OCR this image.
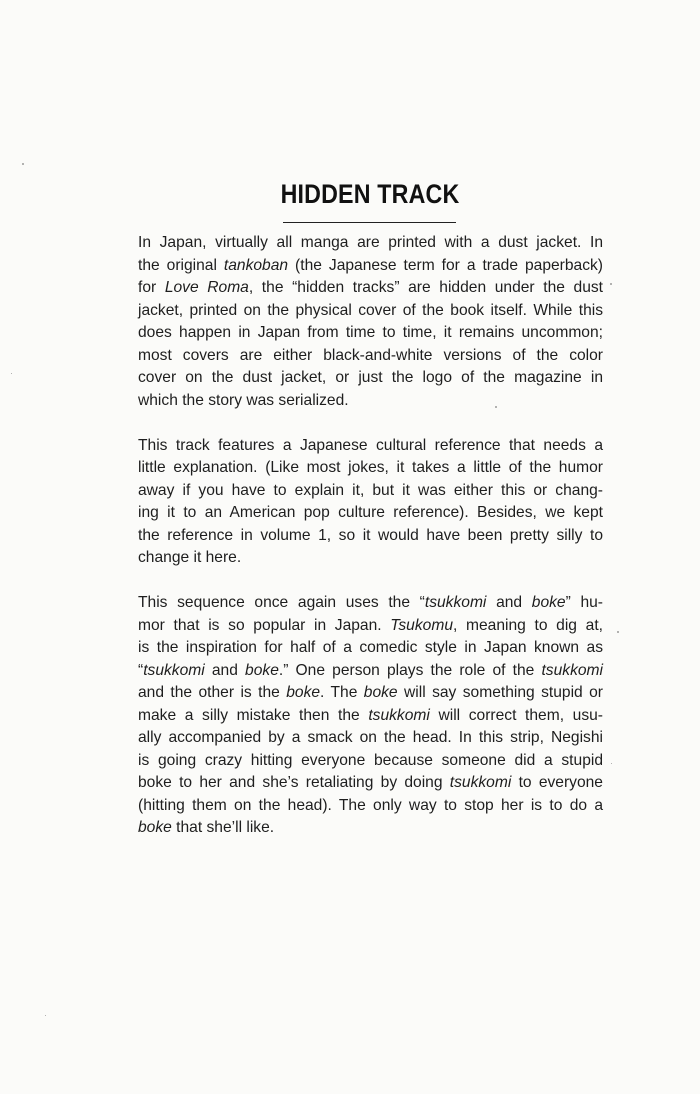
HIDDEN TRACK

In Japan, virtually all manga are printed with a dust jacket. In
the original tankoban (the Japanese term for a trade paperback)
for Love Roma, the “hidden tracks” are hidden under the dust
jacket, printed on the physical cover of the book itself. While this
does happen in Japan from time to time, it remains uncommon;
most covers are either black-and-white versions of the color
cover on the dust jacket, or just the logo of the magazine in
which the story was serialized.

This track features a Japanese cultural reference that needs a
little explanation. (Like most jokes, it takes a little of the humor
away if you have to explain it, but it was either this or chang-
ing it to an American pop culture reference). Besides, we kept
the reference in volume 1, so it would have been pretty silly to
change it here.

This sequence once again uses the “tsukkomi and boke” hu-
mor that is so popular in Japan. Tsukomu, meaning to dig at,
is the inspiration for half of a comedic style in Japan known as
“tsukkomi and boke.” One person plays the role of the tsukkomi
and the other is the boke. The boke will say something stupid or
make a silly mistake then the tsukkomi will correct them, usu-
ally accompanied by a smack on the head. In this strip, Negishi
is going crazy hitting everyone because someone did a stupid
boke to her and she’s retaliating by doing tsukkomi to everyone
(hitting them on the head). The only way to stop her is to do a
boke that she’ll like.
